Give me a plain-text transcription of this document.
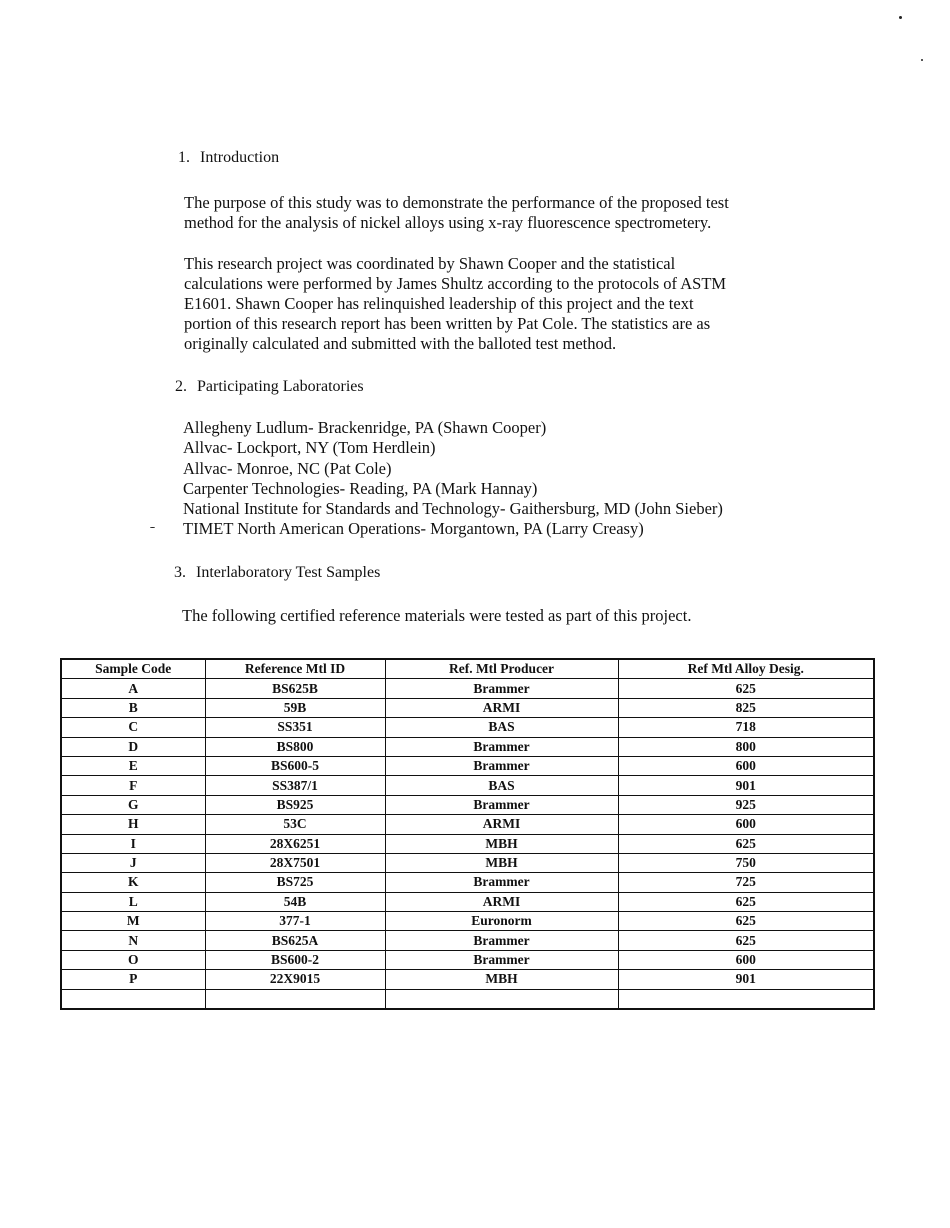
1. Introduction
The purpose of this study was to demonstrate the performance of the proposed test
method for the analysis of nickel alloys using x-ray fluorescence spectrometery.
This research project was coordinated by Shawn Cooper and the statistical
calculations were performed by James Shultz according to the protocols of ASTM
E1601. Shawn Cooper has relinquished leadership of this project and the text
portion of this research report has been written by Pat Cole. The statistics are as
originally calculated and submitted with the balloted test method.
2. Participating Laboratories
Allegheny Ludlum- Brackenridge, PA (Shawn Cooper)
Allvac- Lockport, NY (Tom Herdlein)
Allvac- Monroe, NC (Pat Cole)
Carpenter Technologies- Reading, PA (Mark Hannay)
National Institute for Standards and Technology- Gaithersburg, MD (John Sieber)
TIMET North American Operations- Morgantown, PA (Larry Creasy)
3. Interlaboratory Test Samples
The following certified reference materials were tested as part of this project.
Sample Code	Reference Mtl ID	Ref. Mtl Producer	Ref Mtl Alloy Desig.
A	BS625B	Brammer	625
B	59B	ARMI	825
C	SS351	BAS	718
D	BS800	Brammer	800
E	BS600-5	Brammer	600
F	SS387/1	BAS	901
G	BS925	Brammer	925
H	53C	ARMI	600
I	28X6251	MBH	625
J	28X7501	MBH	750
K	BS725	Brammer	725
L	54B	ARMI	625
M	377-1	Euronorm	625
N	BS625A	Brammer	625
O	BS600-2	Brammer	600
P	22X9015	MBH	901
